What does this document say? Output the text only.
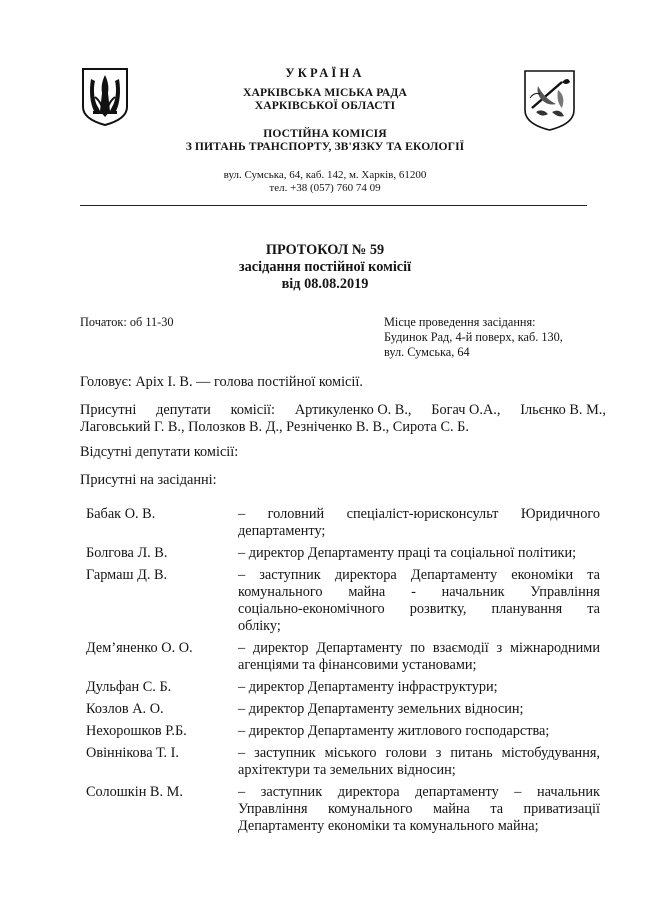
УКРАЇНА
ХАРКІВСЬКА МІСЬКА РАДА
ХАРКІВСЬКОЇ ОБЛАСТІ
ПОСТІЙНА КОМІСІЯ
З ПИТАНЬ ТРАНСПОРТУ, ЗВ'ЯЗКУ ТА ЕКОЛОГІЇ
вул. Сумська, 64, каб. 142, м. Харків, 61200
тел. +38 (057) 760 74 09
ПРОТОКОЛ № 59
засідання постійної комісії
від 08.08.2019
Початок: об 11-30	Місце проведення засідання:
Будинок Рад, 4-й поверх, каб. 130,
вул. Сумська, 64
Головує: Аріх І. В. — голова постійної комісії.
Присутні депутати комісії: Артикуленко О. В., Богач О.А., Ільєнко В. М.,
Лаговський Г. В., Полозков В. Д., Резніченко В. В., Сирота С. Б.
Відсутні депутати комісії:
Присутні на засіданні:
Бабак О. В.	– головний спеціаліст-юрисконсульт Юридичного
департаменту;

Болгова Л. В.	– директор Департаменту праці та соціальної політики;

Гармаш Д. В.	– заступник директора Департаменту економіки та
комунального майна - начальник Управління
соціально-економічного розвитку, планування та
обліку;

Дем’яненко О. О.	– директор Департаменту по взаємодії з міжнародними
агенціями та фінансовими установами;

Дульфан С. Б.	– директор Департаменту інфраструктури;

Козлов А. О.	– директор Департаменту земельних відносин;

Нехорошков Р.Б.	– директор Департаменту житлового господарства;

Овіннікова Т. І.	– заступник міського голови з питань містобудування,
архітектури та земельних відносин;

Солошкін В. М.	– заступник директора департаменту – начальник
Управління комунального майна та приватизації
Департаменту економіки та комунального майна;
